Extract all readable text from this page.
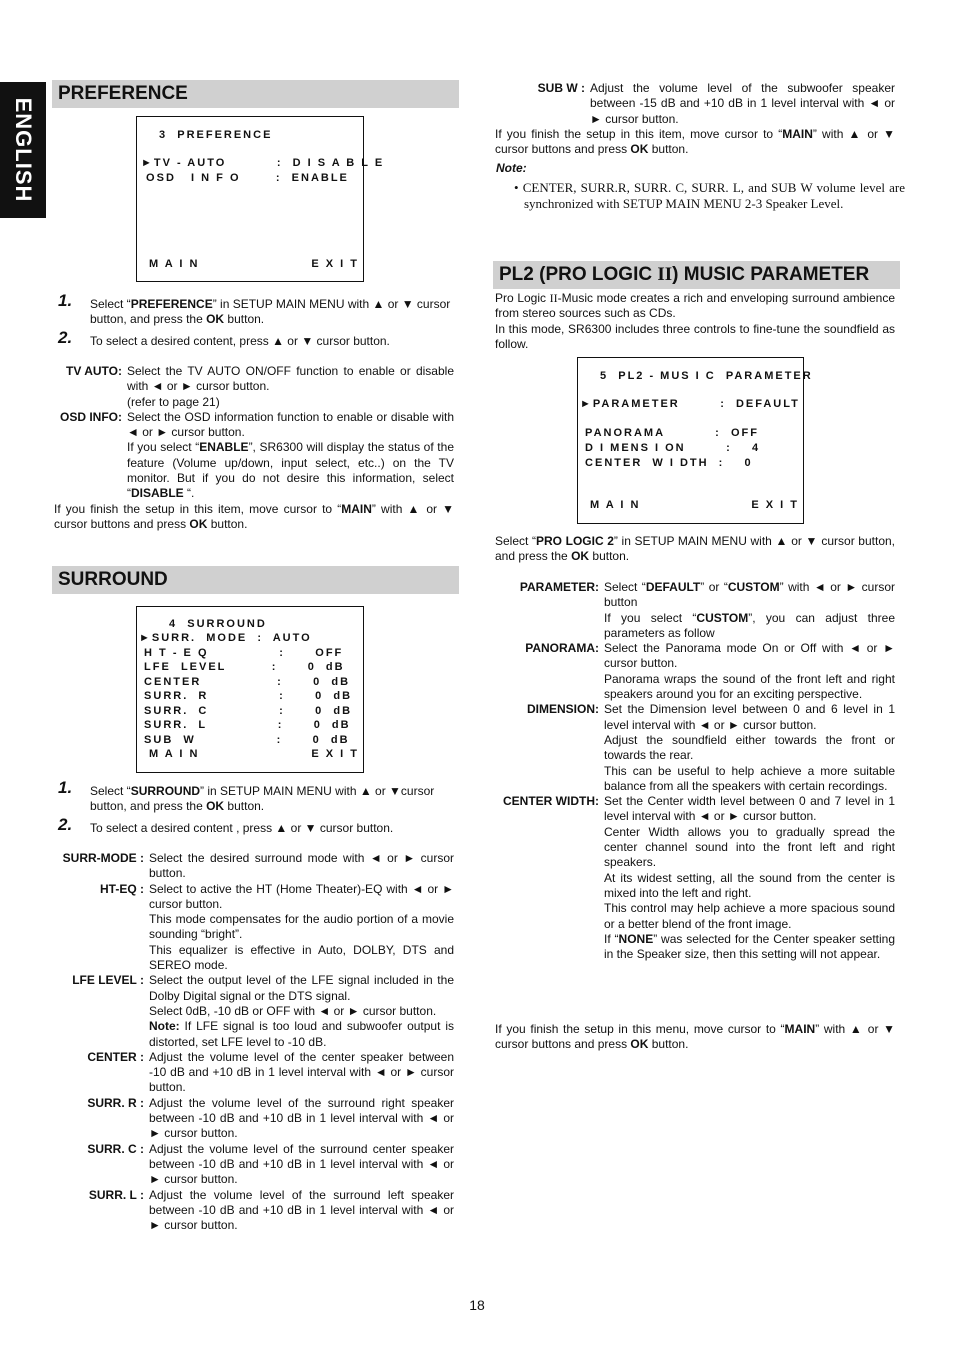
ENGLISH
PREFERENCE
3  PREFERENCE
►TV - AUTO          :  D I S A B L E
OSD   I N F O       :  ENABLE
M A I N	E X I T
1. Select “PREFERENCE” in SETUP MAIN MENU with ▲ or ▼ cursor button, and press the OK button.
2. To select a desired content, press ▲ or ▼ cursor button.
TV AUTO: Select the TV AUTO ON/OFF function to enable or disable with ◄ or ► cursor button.
(refer to page 21)
OSD INFO: Select the OSD information function to enable or disable with ◄ or ► cursor button.
If you select “ENABLE”, SR6300 will display the status of the feature (Volume up/down, input select, etc..) on the TV monitor. But if you do not desire this information, select “DISABLE “.
If you finish the setup in this item, move cursor to “MAIN” with ▲ or ▼ cursor buttons and press OK button.
SURROUND
4  SURROUND
►SURR.  MODE  :  AUTO
H T - E Q              :      OFF
LFE  LEVEL         :      0  dB
CENTER               :      0  dB
SURR.  R              :      0  dB
SURR.  C              :      0  dB
SURR.  L              :      0  dB
SUB  W                :      0  dB
M A I N	E X I T
1. Select “SURROUND” in SETUP MAIN MENU with ▲ or ▼cursor button, and press the OK button.
2. To select a desired content , press ▲ or ▼ cursor button.
SURR-MODE : Select the desired surround mode with ◄ or ► cursor button.
HT-EQ : Select to active the HT (Home Theater)-EQ with ◄ or ► cursor button.
This mode compensates for the audio portion of a movie sounding “bright”.
This equalizer is effective in Auto, DOLBY, DTS and SEREO mode.
LFE LEVEL : Select the output level of the LFE signal included in the Dolby Digital signal or the DTS signal.
Select 0dB, -10 dB or OFF with ◄ or ► cursor button.
Note: If LFE signal is too loud and subwoofer output is distorted, set LFE level to -10 dB.
CENTER : Adjust the volume level of the center speaker between -10 dB and +10 dB in 1 level interval with ◄ or ► cursor button.
SURR. R : Adjust the volume level of the surround right speaker between -10 dB and +10 dB in 1 level interval with ◄ or ► cursor button.
SURR. C : Adjust the volume level of the surround center speaker between -10 dB and +10 dB in 1 level interval with ◄ or ► cursor button.
SURR. L : Adjust the volume level of the surround left speaker between -10 dB and +10 dB in 1 level interval with ◄ or ► cursor button.
SUB W : Adjust the volume level of the subwoofer speaker between -15 dB and +10 dB in 1 level interval with ◄ or ► cursor button.
If you finish the setup in this item, move cursor to “MAIN” with ▲ or ▼ cursor buttons and press OK button.
Note:
• CENTER, SURR.R, SURR. C, SURR. L, and SUB W volume level are synchronized with SETUP MAIN MENU 2-3 Speaker Level.
PL2 (PRO LOGIC II) MUSIC PARAMETER
Pro Logic II-Music mode creates a rich and enveloping surround ambience from stereo sources such as CDs.
In this mode, SR6300 includes three controls to fine-tune the soundfield as follow.
5  PL2 - MUS I C  PARAMETER
►PARAMETER        :  DEFAULT
PANORAMA          :  OFF
D I MENS I ON        :    4
CENTER  W I DTH  :    0
M A I N	E X I T
Select “PRO LOGIC 2” in SETUP MAIN MENU with ▲ or ▼ cursor button, and press the OK button.
PARAMETER: Select “DEFAULT” or “CUSTOM” with ◄ or ► cursor button
If you select “CUSTOM”, you can adjust three parameters as follow
PANORAMA: Select the Panorama mode On or Off with ◄ or ► cursor button.
Panorama wraps the sound of the front left and right speakers around you for an exciting perspective.
DIMENSION: Set the Dimension level between 0 and 6 level in 1 level interval with ◄ or ► cursor button.
Adjust the soundfield either towards the front or towards the rear.
This can be useful to help achieve a more suitable balance from all the speakers with certain recordings.
CENTER WIDTH: Set the Center width level between 0 and 7 level in 1 level interval with ◄ or ► cursor button.
Center Width allows you to gradually spread the center channel sound into the front left and right speakers.
At its widest setting, all the sound from the center is mixed into the left and right.
This control may help achieve a more spacious sound or a better blend of the front image.
If “NONE” was selected for the Center speaker setting in the Speaker size, then this setting will not appear.
If you finish the setup in this menu, move cursor to “MAIN” with ▲ or ▼ cursor buttons and press OK button.
18
